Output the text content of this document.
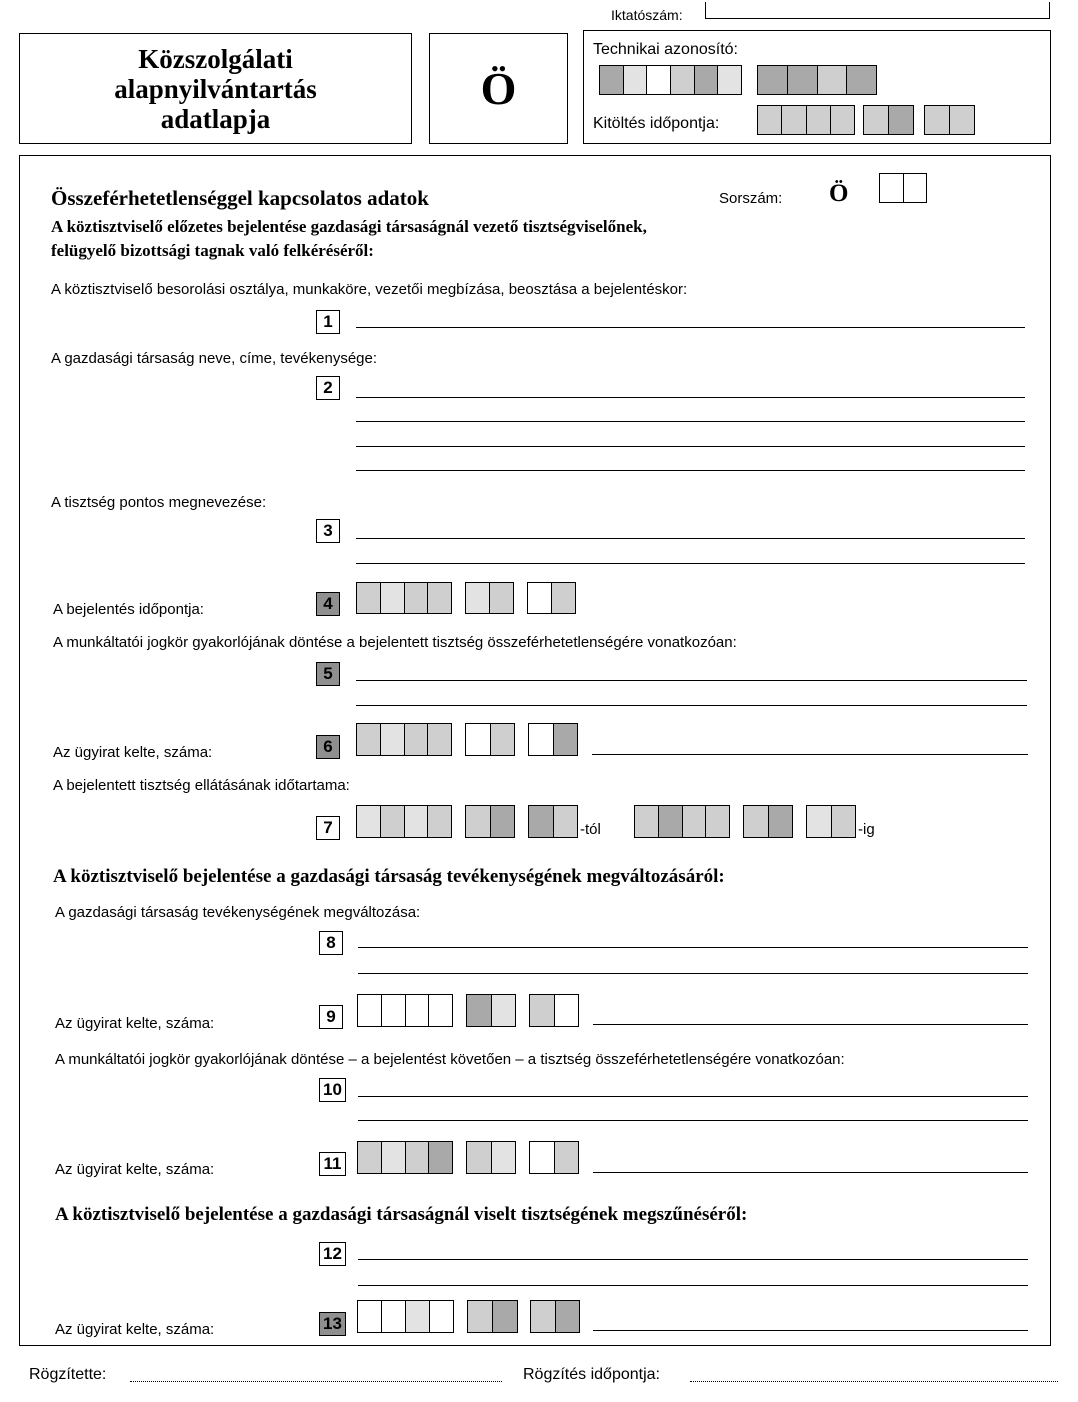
Iktatószám:
Közszolgálati
alapnyilvántartás
adatlapja
Ö
Technikai azonosító:
Kitöltés időpontja:
Összeférhetetlenséggel kapcsolatos adatok	Sorszám: Ö
A köztisztviselő előzetes bejelentése gazdasági társaságnál vezető tisztségviselőnek,
felügyelő bizottsági tagnak való felkéréséről:
A köztisztviselő besorolási osztálya, munkaköre, vezetői megbízása, beosztása a bejelentéskor:
1
A gazdasági társaság neve, címe, tevékenysége:
2
A tisztség pontos megnevezése:
3
A bejelentés időpontja:	4
A munkáltatói jogkör gyakorlójának döntése a bejelentett tisztség összeférhetetlenségére vonatkozóan:
5
Az ügyirat kelte, száma:	6
A bejelentett tisztség ellátásának időtartama:
7	-tól	-ig
A köztisztviselő bejelentése a gazdasági társaság tevékenységének megváltozásáról:
A gazdasági társaság tevékenységének megváltozása:
8
Az ügyirat kelte, száma:	9
A munkáltatói jogkör gyakorlójának döntése – a bejelentést követően – a tisztség összeférhetetlenségére vonatkozóan:
10
Az ügyirat kelte, száma:	11
A köztisztviselő bejelentése a gazdasági társaságnál viselt tisztségének megszűnéséről:
12
Az ügyirat kelte, száma:	13
Rögzítette:	Rögzítés időpontja:
